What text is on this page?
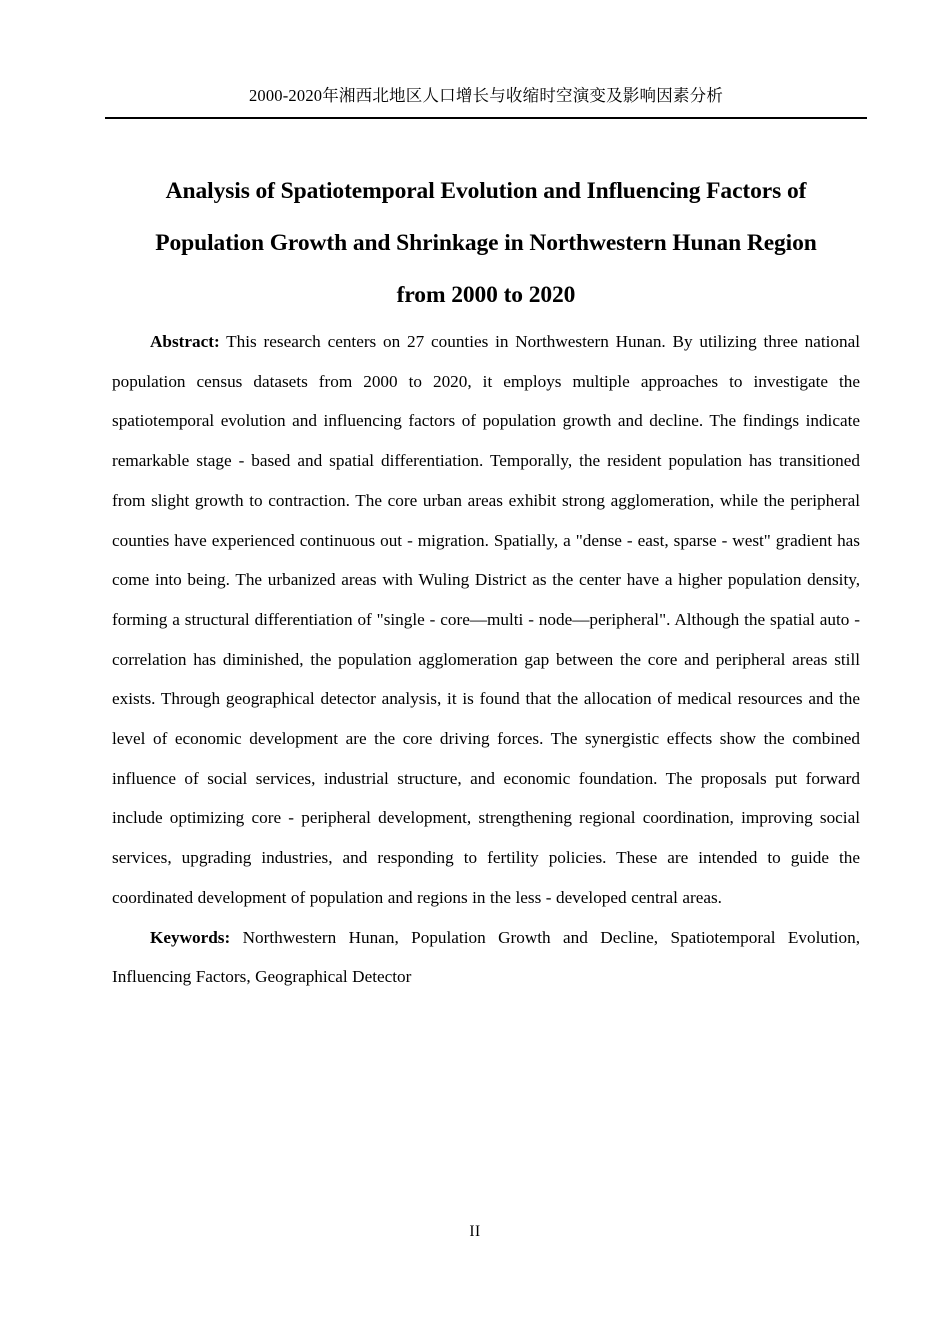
2000-2020年湘西北地区人口增长与收缩时空演变及影响因素分析
Analysis of Spatiotemporal Evolution and Influencing Factors of
Population Growth and Shrinkage in Northwestern Hunan Region
from 2000 to 2020

Abstract: This research centers on 27 counties in Northwestern Hunan. By utilizing three national population census datasets from 2000 to 2020, it employs multiple approaches to investigate the spatiotemporal evolution and influencing factors of population growth and decline. The findings indicate remarkable stage - based and spatial differentiation. Temporally, the resident population has transitioned from slight growth to contraction. The core urban areas exhibit strong agglomeration, while the peripheral counties have experienced continuous out - migration. Spatially, a "dense - east, sparse - west" gradient has come into being. The urbanized areas with Wuling District as the center have a higher population density, forming a structural differentiation of "single - core—multi - node—peripheral". Although the spatial auto - correlation has diminished, the population agglomeration gap between the core and peripheral areas still exists. Through geographical detector analysis, it is found that the allocation of medical resources and the level of economic development are the core driving forces. The synergistic effects show the combined influence of social services, industrial structure, and economic foundation. The proposals put forward include optimizing core - peripheral development, strengthening regional coordination, improving social services, upgrading industries, and responding to fertility policies. These are intended to guide the coordinated development of population and regions in the less - developed central areas.

Keywords: Northwestern Hunan, Population Growth and Decline, Spatiotemporal Evolution, Influencing Factors, Geographical Detector

II
